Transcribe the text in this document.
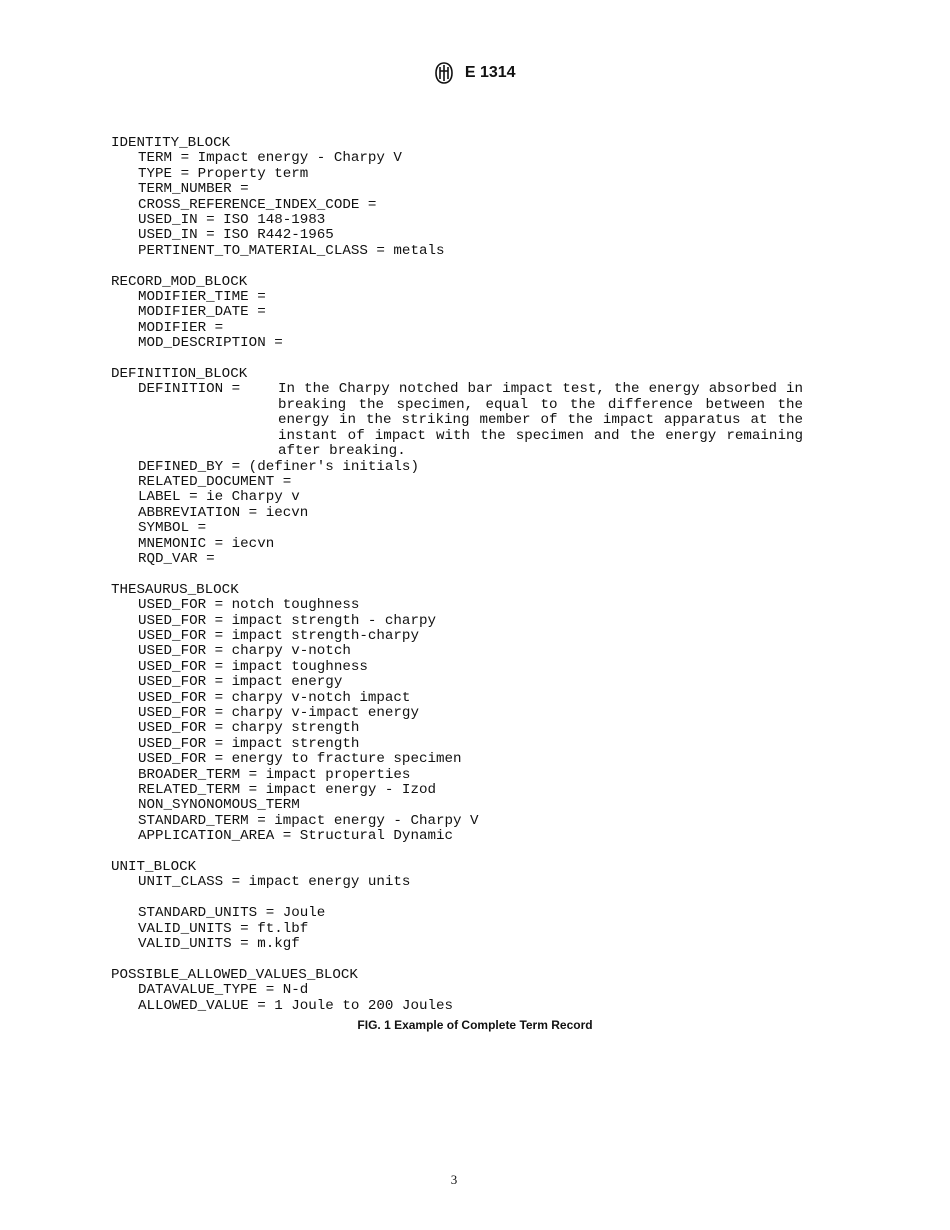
E 1314
IDENTITY_BLOCK
TERM = Impact energy - Charpy V
TYPE = Property term
TERM_NUMBER =
CROSS_REFERENCE_INDEX_CODE =
USED_IN = ISO 148-1983
USED_IN = ISO R442-1965
PERTINENT_TO_MATERIAL_CLASS = metals
RECORD_MOD_BLOCK
MODIFIER_TIME =
MODIFIER_DATE =
MODIFIER =
MOD_DESCRIPTION =
DEFINITION_BLOCK
DEFINITION =	In the Charpy notched bar impact test, the energy absorbed in breaking the specimen, equal to the difference between the energy in the striking member of the impact apparatus at the instant of impact with the specimen and the energy remaining after breaking.
DEFINED_BY = (definer's initials)
RELATED_DOCUMENT =
LABEL = ie Charpy v
ABBREVIATION = iecvn
SYMBOL =
MNEMONIC = iecvn
RQD_VAR =
THESAURUS_BLOCK
USED_FOR = notch toughness
USED_FOR = impact strength - charpy
USED_FOR = impact strength-charpy
USED_FOR = charpy v-notch
USED_FOR = impact toughness
USED_FOR = impact energy
USED_FOR = charpy v-notch impact
USED_FOR = charpy v-impact energy
USED_FOR = charpy strength
USED_FOR = impact strength
USED_FOR = energy to fracture specimen
BROADER_TERM = impact properties
RELATED_TERM = impact energy - Izod
NON_SYNONOMOUS_TERM
STANDARD_TERM = impact energy - Charpy V
APPLICATION_AREA = Structural Dynamic
UNIT_BLOCK
UNIT_CLASS = impact energy units
STANDARD_UNITS = Joule
VALID_UNITS = ft.lbf
VALID_UNITS = m.kgf
POSSIBLE_ALLOWED_VALUES_BLOCK
DATAVALUE_TYPE = N-d
ALLOWED_VALUE = 1 Joule to 200 Joules
FIG. 1 Example of Complete Term Record
3
